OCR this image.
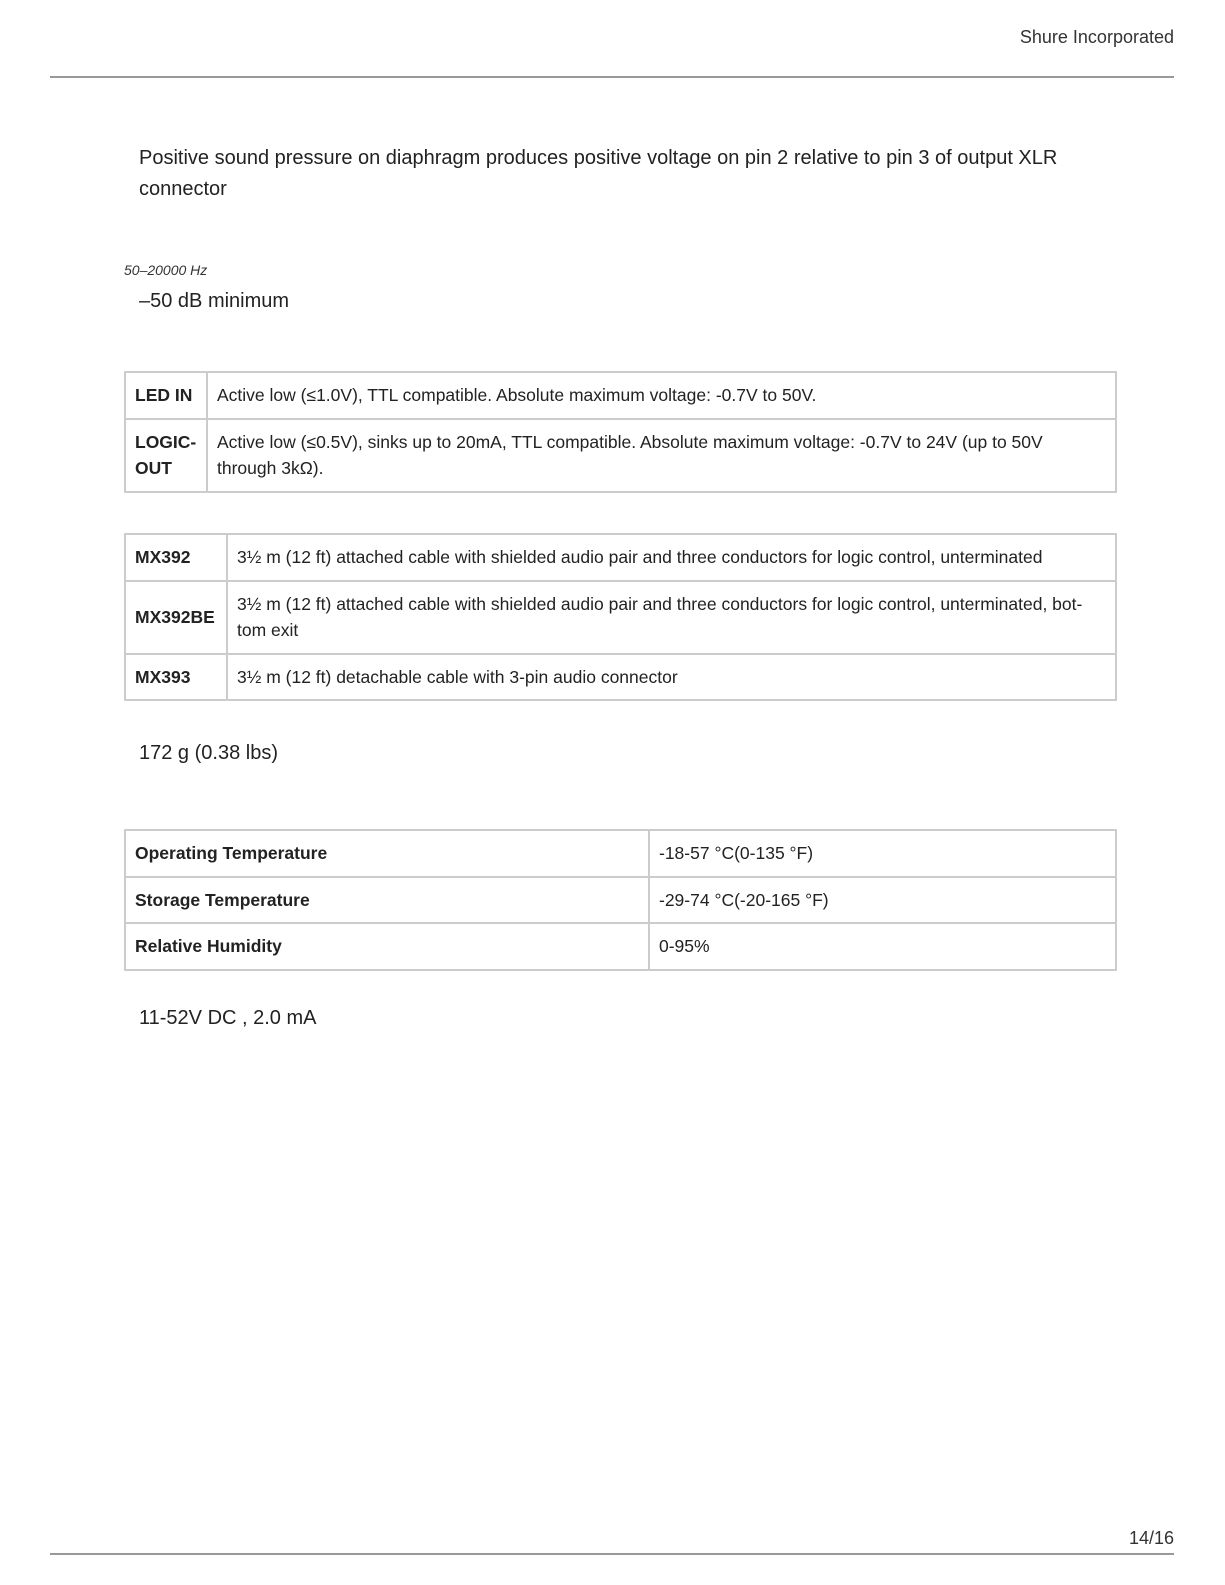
Shure Incorporated
Positive sound pressure on diaphragm produces positive voltage on pin 2 relative to pin 3 of output XLR connector
50–20000 Hz
–50 dB minimum
LED IN	Active low (≤1.0V), TTL compatible. Absolute maximum voltage: -0.7V to 50V.
LOGIC-OUT	Active low (≤0.5V), sinks up to 20mA, TTL compatible. Absolute maximum voltage: -0.7V to 24V (up to 50V through 3kΩ).
MX392	3½ m (12 ft) attached cable with shielded audio pair and three conductors for logic control, unterminated
MX392BE	3½ m (12 ft) attached cable with shielded audio pair and three conductors for logic control, unterminated, bot-tom exit
MX393	3½ m (12 ft) detachable cable with 3-pin audio connector
172 g (0.38 lbs)
Operating Temperature	-18-57 °C(0-135 °F)
Storage Temperature	-29-74 °C(-20-165 °F)
Relative Humidity	0-95%
11-52V DC , 2.0 mA
14/16
